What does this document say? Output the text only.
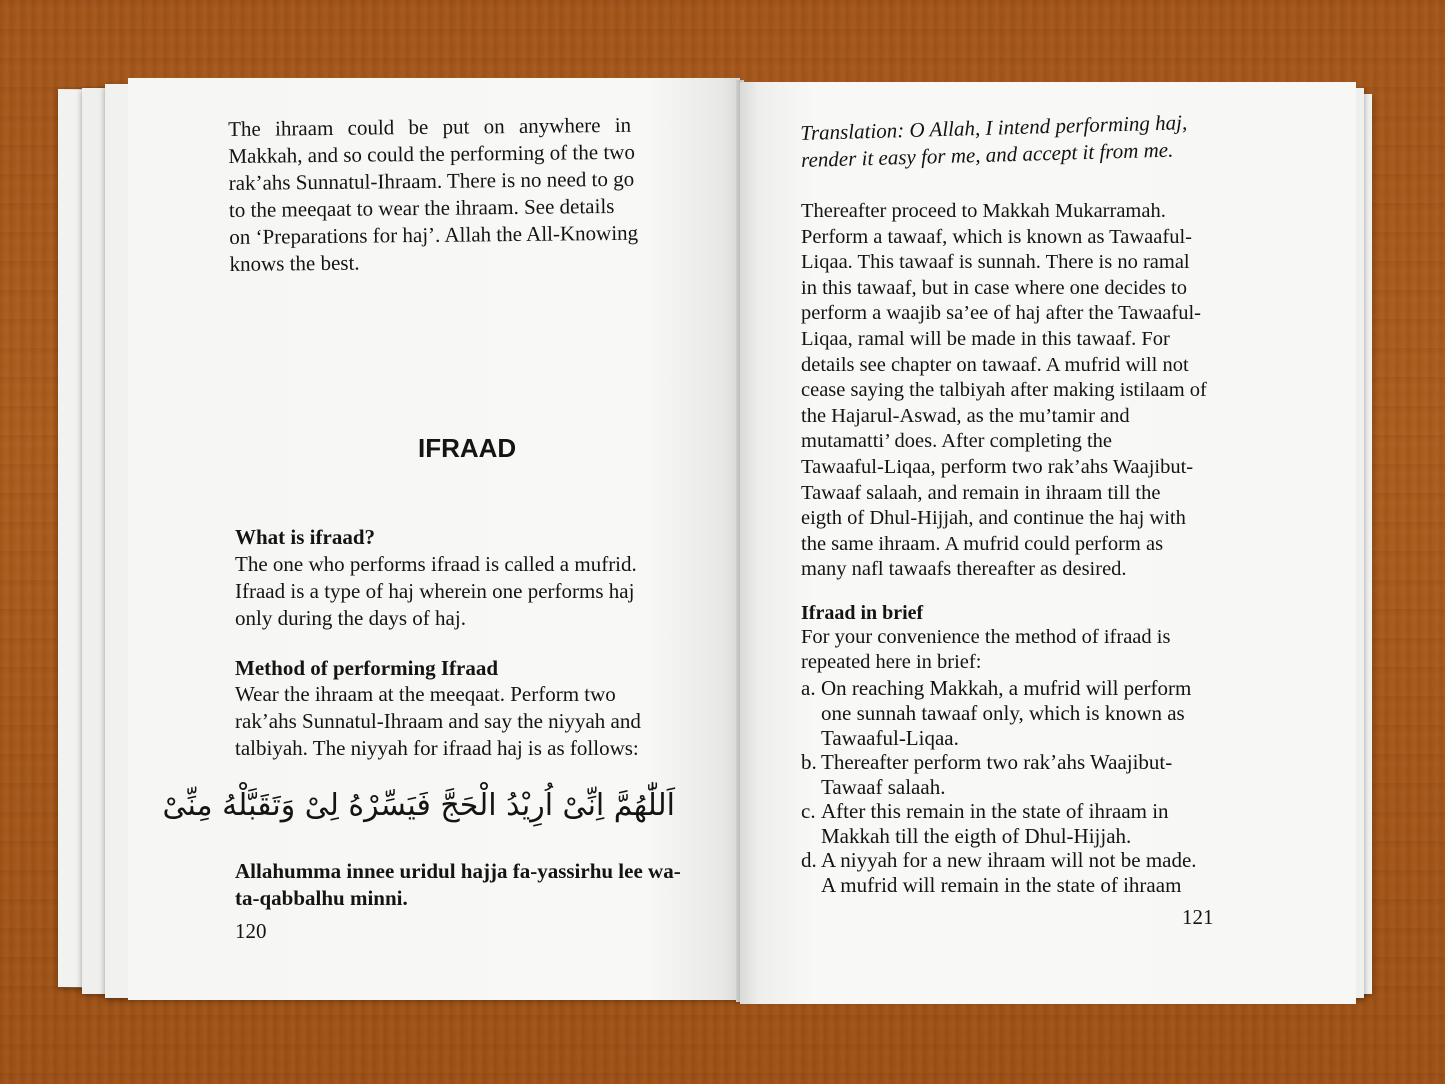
The ihraam could be put on anywhere in
Makkah, and so could the performing of the two
rak’ahs Sunnatul-Ihraam. There is no need to go
to the meeqaat to wear the ihraam. See details
on ‘Preparations for haj’. Allah the All-Knowing
knows the best.
IFRAAD
What is ifraad?
The one who performs ifraad is called a mufrid.
Ifraad is a type of haj wherein one performs haj
only during the days of haj.
Method of performing Ifraad
Wear the ihraam at the meeqaat. Perform two
rak’ahs Sunnatul-Ihraam and say the niyyah and
talbiyah. The niyyah for ifraad haj is as follows:
اَللّٰهُمَّ اِنِّىْ اُرِيْدُ الْحَجَّ فَيَسِّرْهُ لِىْ وَتَقَبَّلْهُ مِنِّىْ
Allahumma innee uridul hajja fa-yassirhu lee wa-
ta-qabbalhu minni.
120
Translation: O Allah, I intend performing haj,
render it easy for me, and accept it from me.
Thereafter proceed to Makkah Mukarramah.
Perform a tawaaf, which is known as Tawaaful-
Liqaa. This tawaaf is sunnah. There is no ramal
in this tawaaf, but in case where one decides to
perform a waajib sa’ee of haj after the Tawaaful-
Liqaa, ramal will be made in this tawaaf. For
details see chapter on tawaaf. A mufrid will not
cease saying the talbiyah after making istilaam of
the Hajarul-Aswad, as the mu’tamir and
mutamatti’ does. After completing the
Tawaaful-Liqaa, perform two rak’ahs Waajibut-
Tawaaf salaah, and remain in ihraam till the
eigth of Dhul-Hijjah, and continue the haj with
the same ihraam. A mufrid could perform as
many nafl tawaafs thereafter as desired.
Ifraad in brief
For your convenience the method of ifraad is
repeated here in brief:
a. On reaching Makkah, a mufrid will perform
one sunnah tawaaf only, which is known as
Tawaaful-Liqaa.
b. Thereafter perform two rak’ahs Waajibut-
Tawaaf salaah.
c. After this remain in the state of ihraam in
Makkah till the eigth of Dhul-Hijjah.
d. A niyyah for a new ihraam will not be made.
A mufrid will remain in the state of ihraam
121
